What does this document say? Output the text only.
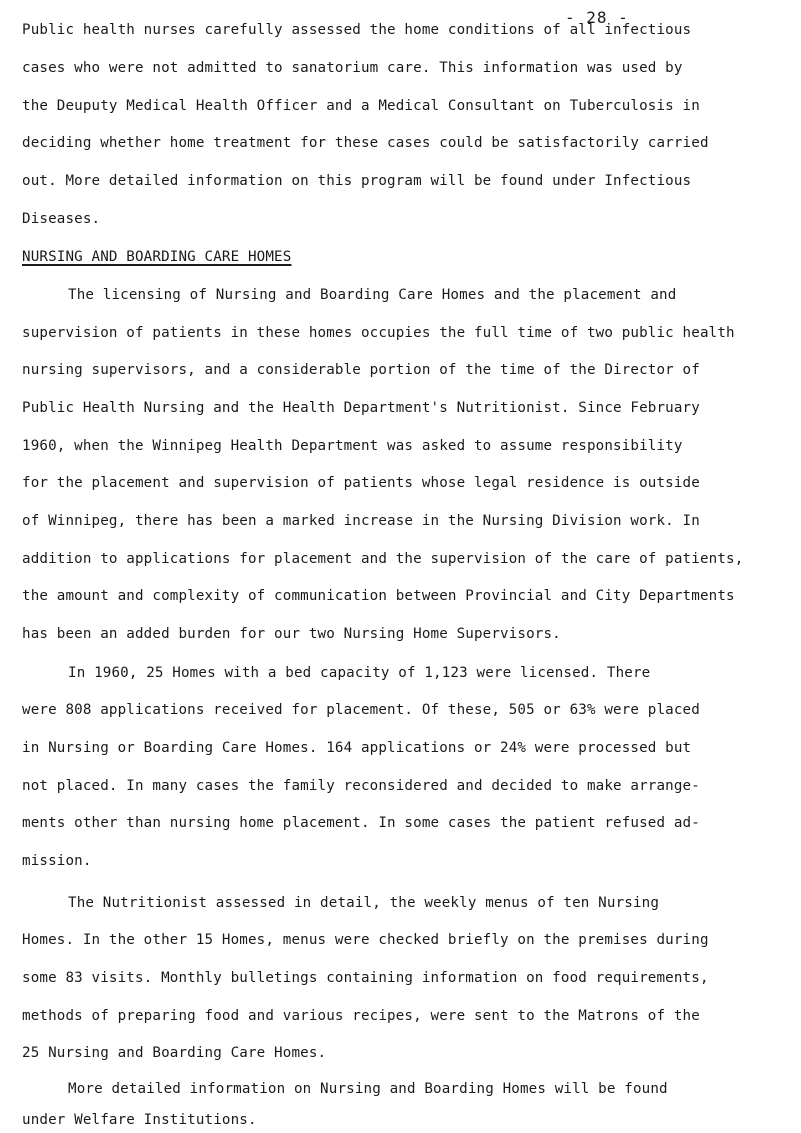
- 28 -
Public health nurses carefully assessed the home conditions of all infectious
cases who were not admitted to sanatorium care. This information was used by
the Deuputy Medical Health Officer and a Medical Consultant on Tuberculosis in
deciding whether home treatment for these cases could be satisfactorily carried
out. More detailed information on this program will be found under Infectious
Diseases.
NURSING AND BOARDING CARE HOMES
The licensing of Nursing and Boarding Care Homes and the placement and
supervision of patients in these homes occupies the full time of two public health
nursing supervisors, and a considerable portion of the time of the Director of
Public Health Nursing and the Health Department's Nutritionist. Since February
1960, when the Winnipeg Health Department was asked to assume responsibility
for the placement and supervision of patients whose legal residence is outside
of Winnipeg, there has been a marked increase in the Nursing Division work. In
addition to applications for placement and the supervision of the care of patients,
the amount and complexity of communication between Provincial and City Departments
has been an added burden for our two Nursing Home Supervisors.
In 1960, 25 Homes with a bed capacity of 1,123 were licensed. There
were 808 applications received for placement. Of these, 505 or 63% were placed
in Nursing or Boarding Care Homes. 164 applications or 24% were processed but
not placed. In many cases the family reconsidered and decided to make arrange-
ments other than nursing home placement. In some cases the patient refused ad-
mission.
The Nutritionist assessed in detail, the weekly menus of ten Nursing
Homes. In the other 15 Homes, menus were checked briefly on the premises during
some 83 visits. Monthly bulletings containing information on food requirements,
methods of preparing food and various recipes, were sent to the Matrons of the
25 Nursing and Boarding Care Homes.
More detailed information on Nursing and Boarding Homes will be found
under Welfare Institutions.
